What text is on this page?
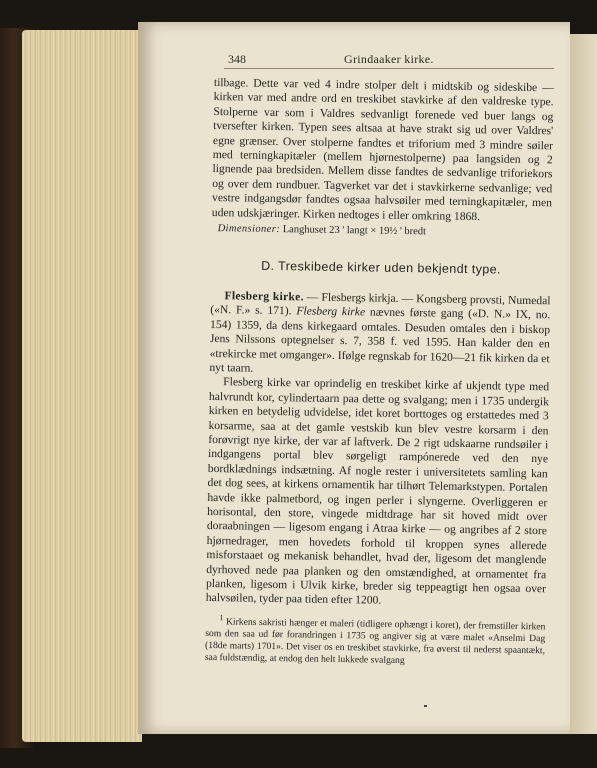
348	Grindaaker kirke.

tilbage. Dette var ved 4 indre stolper delt i midtskib og sideskibe — kirken var med andre ord en treskibet stavkirke af den valdreske type. Stolperne var som i Valdres sedvanligt forenede ved buer langs og tversefter kirken. Typen sees altsaa at have strakt sig ud over Valdres' egne grænser. Over stolperne fandtes et triforium med 3 mindre søiler med terningkapitæler (mellem hjørnestolperne) paa langsiden og 2 lignende paa bredsiden. Mellem disse fandtes de sedvanlige triforiekors og over dem rundbuer. Tagverket var det i stavkirkerne sedvanlige; ved vestre indgangsdør fandtes ogsaa halvsøiler med terningkapitæler, men uden udskjæringer. Kirken nedtoges i eller omkring 1868.

Dimensioner: Langhuset 23 ' langt × 19½ ' bredt

D. Treskibede kirker uden bekjendt type.

Flesberg kirke. — Flesbergs kirkja. — Kongsberg provsti, Numedal («N. F.» s. 171). Flesberg kirke nævnes første gang («D. N.» IX, no. 154) 1359, da dens kirkegaard omtales. Desuden omtales den i biskop Jens Nilssons optegnelser s. 7, 358 f. ved 1595. Han kalder den en «trekircke met omganger». Ifølge regnskab for 1620—21 fik kirken da et nyt taarn.

Flesberg kirke var oprindelig en treskibet kirke af ukjendt type med halvrundt kor, cylindertaarn paa dette og svalgang; men i 1735 undergik kirken en betydelig udvidelse, idet koret borttoges og erstattedes med 3 korsarme, saa at det gamle vestskib kun blev vestre korsarm i den forøvrigt nye kirke, der var af laftverk. De 2 rigt udskaarne rundsøiler i indgangens portal blev sørgeligt rampónerede ved den nye bordklædnings indsætning. Af nogle rester i universitetets samling kan det dog sees, at kirkens ornamentik har tilhørt Telemarkstypen. Portalen havde ikke palmetbord, og ingen perler i slyngerne. Overliggeren er horisontal, den store, vingede midtdrage har sit hoved midt over doraabningen — ligesom engang i Atraa kirke — og angribes af 2 store hjørnedrager, men hovedets forhold til kroppen synes allerede misforstaaet og mekanisk behandlet, hvad der, ligesom det manglende dyrhoved nede paa planken og den omstændighed, at ornamentet fra planken, ligesom i Ulvik kirke, breder sig teppeagtigt hen ogsaa over halvsøilen, tyder paa tiden efter 1200.

$^1$ Kirkens sakristi hænger et maleri (tidligere ophængt i koret), der fremstiller kirken som den saa ud før forandringen i 1735 og angiver sig at være malet «Anselmi Dag (18de marts) 1701». Det viser os en treskibet stavkirke, fra øverst til nederst spaantækt, saa fuldstændig, at endog den helt lukkede svalgang
